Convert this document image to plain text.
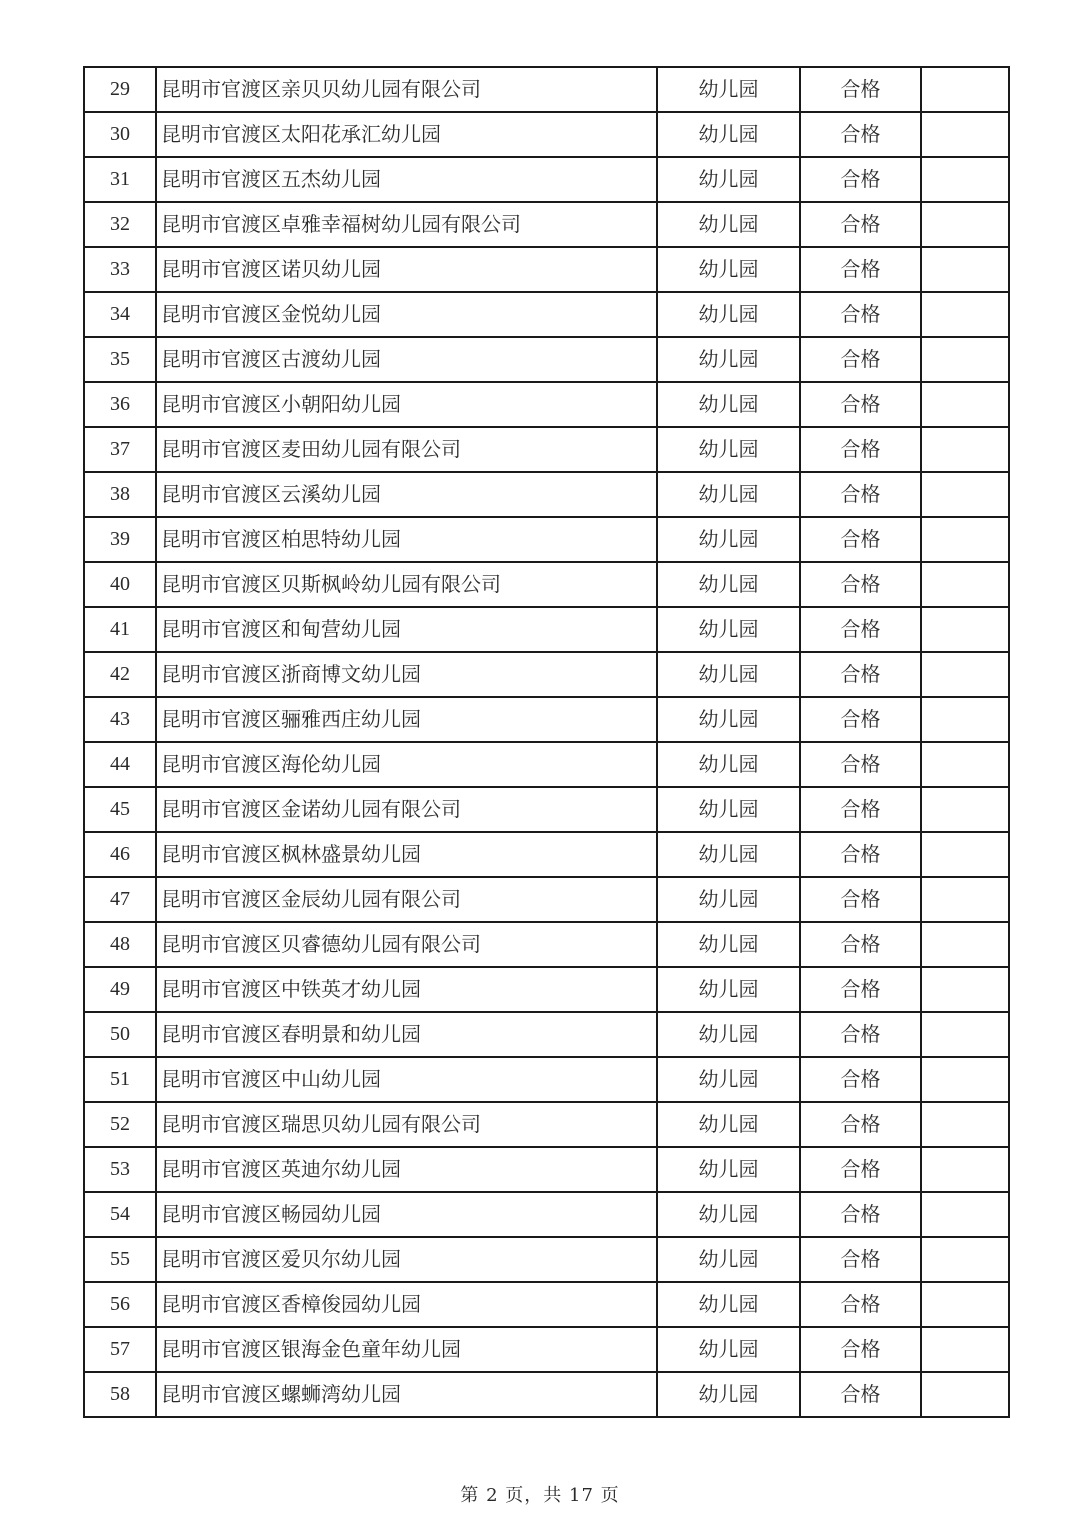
29	昆明市官渡区亲贝贝幼儿园有限公司	幼儿园	合格	
30	昆明市官渡区太阳花承汇幼儿园	幼儿园	合格	
31	昆明市官渡区五杰幼儿园	幼儿园	合格	
32	昆明市官渡区卓雅幸福树幼儿园有限公司	幼儿园	合格	
33	昆明市官渡区诺贝幼儿园	幼儿园	合格	
34	昆明市官渡区金悦幼儿园	幼儿园	合格	
35	昆明市官渡区古渡幼儿园	幼儿园	合格	
36	昆明市官渡区小朝阳幼儿园	幼儿园	合格	
37	昆明市官渡区麦田幼儿园有限公司	幼儿园	合格	
38	昆明市官渡区云溪幼儿园	幼儿园	合格	
39	昆明市官渡区柏思特幼儿园	幼儿园	合格	
40	昆明市官渡区贝斯枫岭幼儿园有限公司	幼儿园	合格	
41	昆明市官渡区和甸营幼儿园	幼儿园	合格	
42	昆明市官渡区浙商博文幼儿园	幼儿园	合格	
43	昆明市官渡区骊雅西庄幼儿园	幼儿园	合格	
44	昆明市官渡区海伦幼儿园	幼儿园	合格	
45	昆明市官渡区金诺幼儿园有限公司	幼儿园	合格	
46	昆明市官渡区枫林盛景幼儿园	幼儿园	合格	
47	昆明市官渡区金辰幼儿园有限公司	幼儿园	合格	
48	昆明市官渡区贝睿德幼儿园有限公司	幼儿园	合格	
49	昆明市官渡区中铁英才幼儿园	幼儿园	合格	
50	昆明市官渡区春明景和幼儿园	幼儿园	合格	
51	昆明市官渡区中山幼儿园	幼儿园	合格	
52	昆明市官渡区瑞思贝幼儿园有限公司	幼儿园	合格	
53	昆明市官渡区英迪尔幼儿园	幼儿园	合格	
54	昆明市官渡区畅园幼儿园	幼儿园	合格	
55	昆明市官渡区爱贝尔幼儿园	幼儿园	合格	
56	昆明市官渡区香樟俊园幼儿园	幼儿园	合格	
57	昆明市官渡区银海金色童年幼儿园	幼儿园	合格	
58	昆明市官渡区螺蛳湾幼儿园	幼儿园	合格	
第 2 页，共 17 页
